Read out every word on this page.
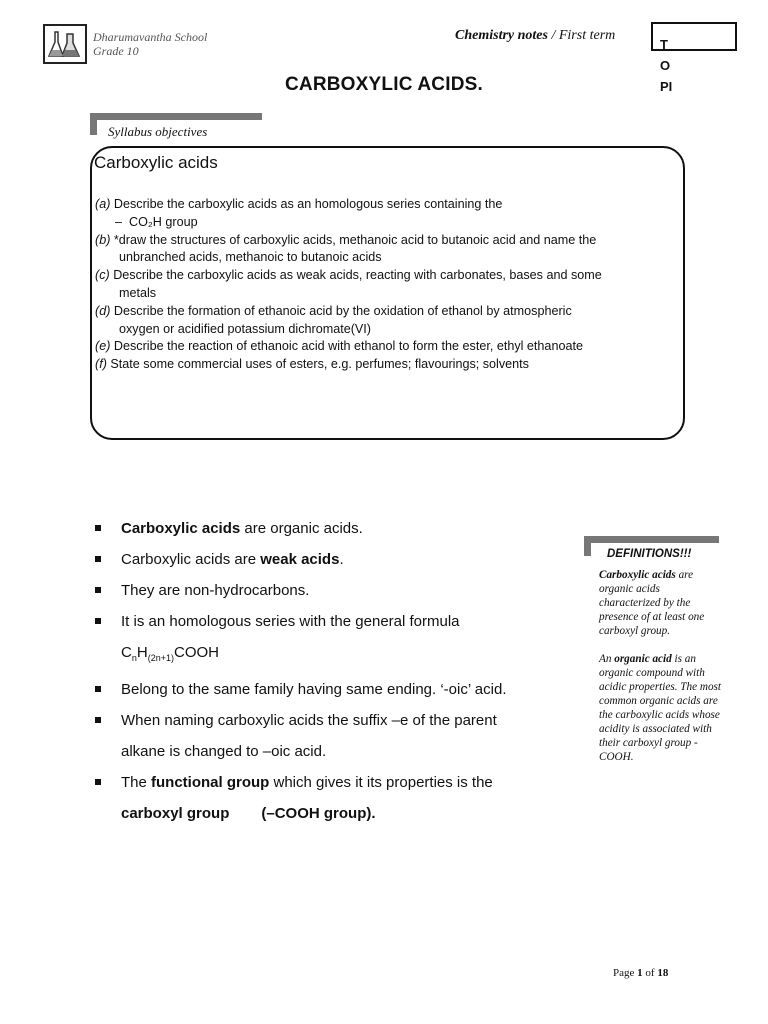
Dharumavantha School
Grade 10
Chemistry notes / First term
T
O
PI
CARBOXYLIC ACIDS.
Syllabus objectives
Carboxylic acids
(a) Describe the carboxylic acids as an homologous series containing the
–  CO₂H group
(b) *draw the structures of carboxylic acids, methanoic acid to butanoic acid and name the
unbranched acids, methanoic to butanoic acids
(c) Describe the carboxylic acids as weak acids, reacting with carbonates, bases and some
metals
(d) Describe the formation of ethanoic acid by the oxidation of ethanol by atmospheric
oxygen or acidified potassium dichromate(VI)
(e) Describe the reaction of ethanoic acid with ethanol to form the ester, ethyl ethanoate
(f) State some commercial uses of esters, e.g. perfumes; flavourings; solvents
Carboxylic acids are organic acids.
Carboxylic acids are weak acids.
They are non-hydrocarbons.
It is an homologous series with the general formula
$C_nH_{(2n+1)}COOH$
Belong to the same family having same ending. ‘-oic’ acid.
When naming carboxylic acids the suffix –e of the parent
alkane is changed to –oic acid.
The functional group which gives it its properties is the
carboxyl group (–COOH group).
DEFINITIONS!!!

Carboxylic acids are organic acids characterized by the presence of at least one carboxyl group.

An organic acid is an organic compound with acidic properties. The most common organic acids are the carboxylic acids whose acidity is associated with their carboxyl group - COOH.

Page 1 of 18
